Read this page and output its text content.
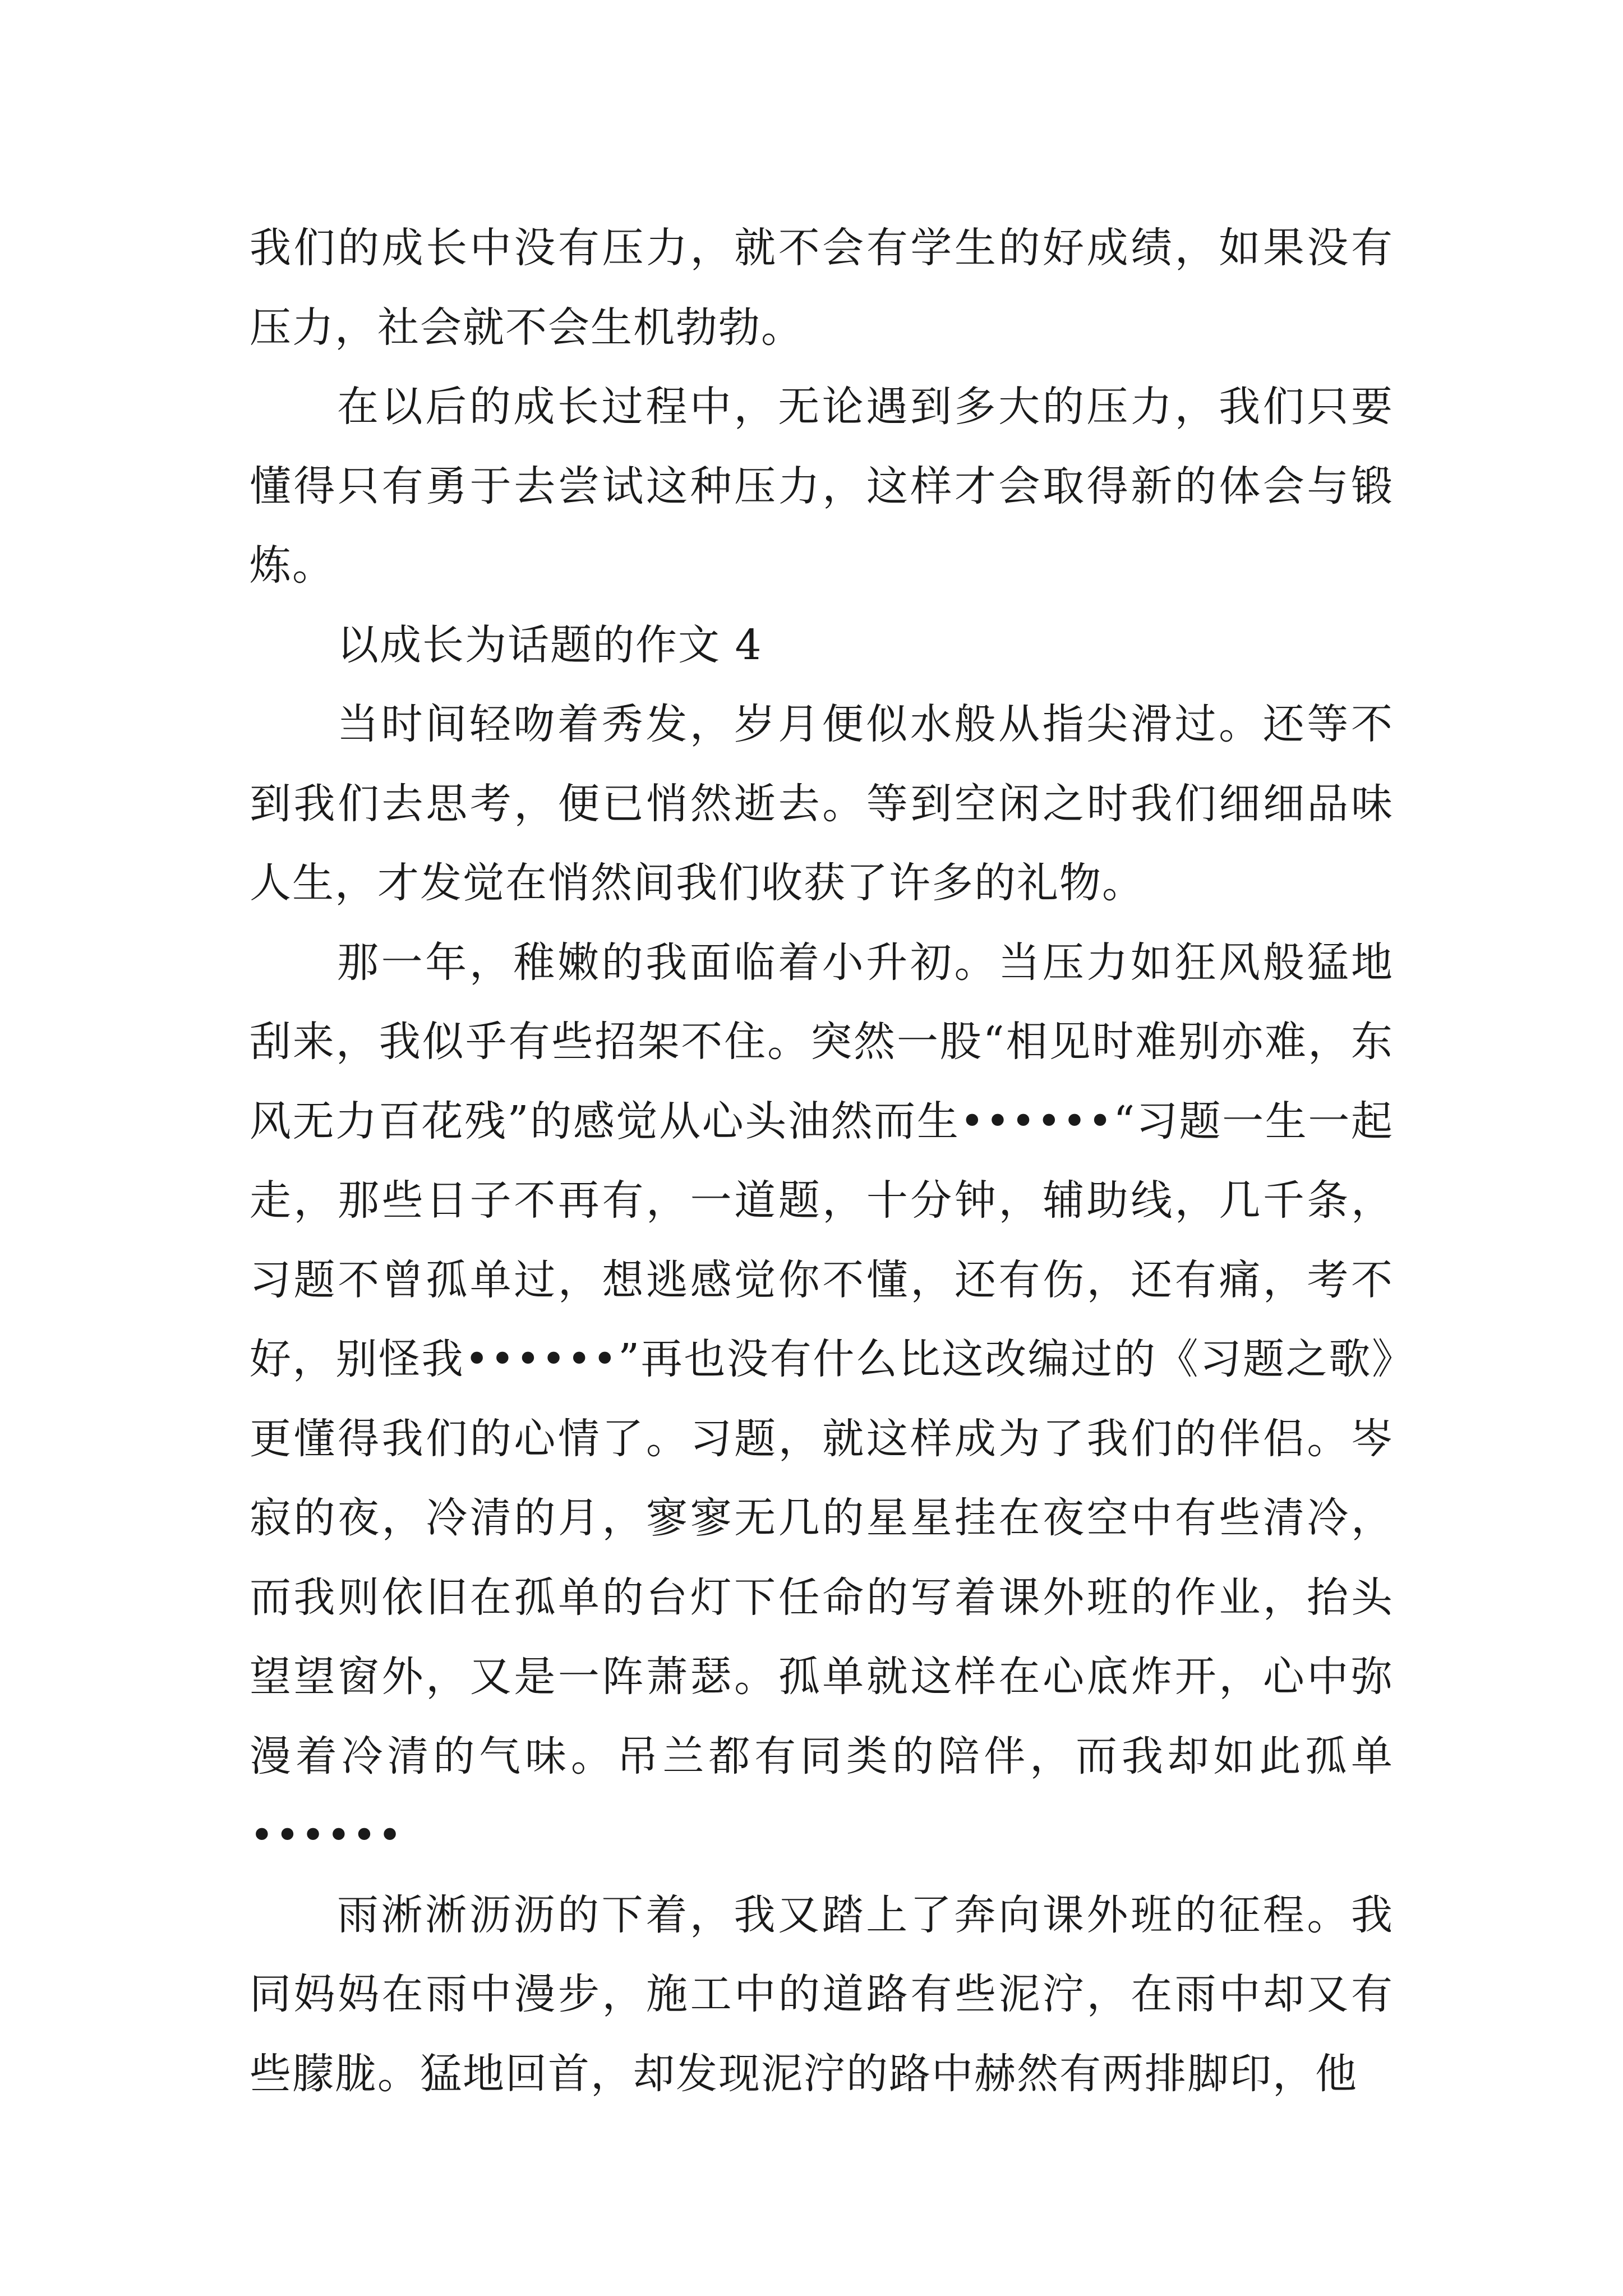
我们的成长中没有压力，就不会有学生的好成绩，如果没有压力，社会就不会生机勃勃。

在以后的成长过程中，无论遇到多大的压力，我们只要懂得只有勇于去尝试这种压力，这样才会取得新的体会与锻炼。

以成长为话题的作文 4

当时间轻吻着秀发，岁月便似水般从指尖滑过。还等不到我们去思考，便已悄然逝去。等到空闲之时我们细细品味人生，才发觉在悄然间我们收获了许多的礼物。

那一年，稚嫩的我面临着小升初。当压力如狂风般猛地刮来，我似乎有些招架不住。突然一股“相见时难别亦难，东风无力百花残”的感觉从心头油然而生••••••“习题一生一起走，那些日子不再有，一道题，十分钟，辅助线，几千条，习题不曾孤单过，想逃感觉你不懂，还有伤，还有痛，考不好，别怪我••••••”再也没有什么比这改编过的《习题之歌》更懂得我们的心情了。习题，就这样成为了我们的伴侣。岑寂的夜，冷清的月，寥寥无几的星星挂在夜空中有些清冷，而我则依旧在孤单的台灯下任命的写着课外班的作业，抬头望望窗外，又是一阵萧瑟。孤单就这样在心底炸开，心中弥漫着冷清的气味。吊兰都有同类的陪伴，而我却如此孤单••••••

雨淅淅沥沥的下着，我又踏上了奔向课外班的征程。我同妈妈在雨中漫步，施工中的道路有些泥泞，在雨中却又有些朦胧。猛地回首，却发现泥泞的路中赫然有两排脚印，他
